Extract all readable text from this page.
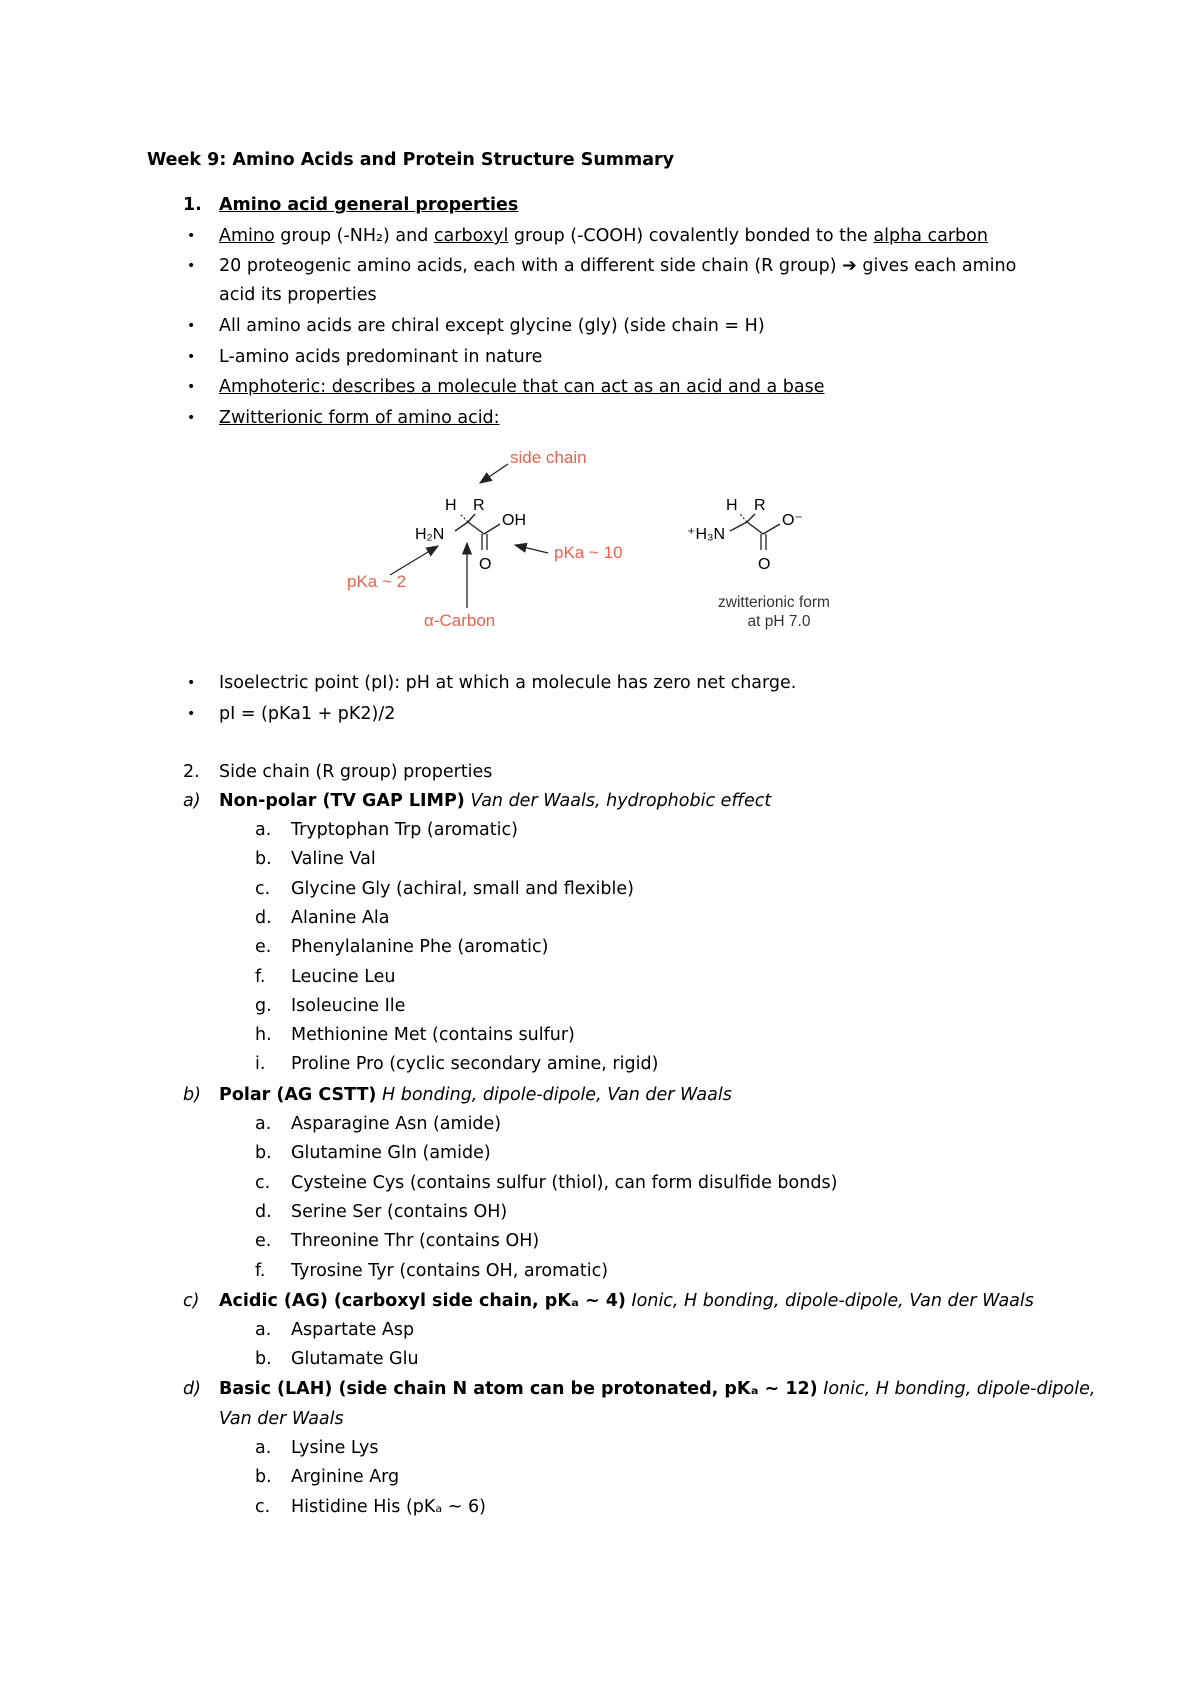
Week 9: Amino Acids and Protein Structure Summary
1. Amino acid general properties
• Amino group (-NH₂) and carboxyl group (-COOH) covalently bonded to the alpha carbon
• 20 proteogenic amino acids, each with a different side chain (R group) ➔ gives each amino
acid its properties
• All amino acids are chiral except glycine (gly) (side chain = H)
• L-amino acids predominant in nature
• Amphoteric: describes a molecule that can act as an acid and a base
• Zwitterionic form of amino acid:
side chain
H R
H₂N
OH
O
pKa ~ 10
pKa ~ 2
α-Carbon
H R
⁺H₃N
O⁻
O
zwitterionic form
at pH 7.0
• Isoelectric point (pI): pH at which a molecule has zero net charge.
• pI = (pKa1 + pK2)/2
2. Side chain (R group) properties
a) Non-polar (TV GAP LIMP) Van der Waals, hydrophobic effect
a. Tryptophan Trp (aromatic)
b. Valine Val
c. Glycine Gly (achiral, small and flexible)
d. Alanine Ala
e. Phenylalanine Phe (aromatic)
f. Leucine Leu
g. Isoleucine Ile
h. Methionine Met (contains sulfur)
i. Proline Pro (cyclic secondary amine, rigid)
b) Polar (AG CSTT) H bonding, dipole-dipole, Van der Waals
a. Asparagine Asn (amide)
b. Glutamine Gln (amide)
c. Cysteine Cys (contains sulfur (thiol), can form disulfide bonds)
d. Serine Ser (contains OH)
e. Threonine Thr (contains OH)
f. Tyrosine Tyr (contains OH, aromatic)
c) Acidic (AG) (carboxyl side chain, pKₐ ~ 4) Ionic, H bonding, dipole-dipole, Van der Waals
a. Aspartate Asp
b. Glutamate Glu
d) Basic (LAH) (side chain N atom can be protonated, pKₐ ~ 12) Ionic, H bonding, dipole-dipole,
Van der Waals
a. Lysine Lys
b. Arginine Arg
c. Histidine His (pKₐ ~ 6)
